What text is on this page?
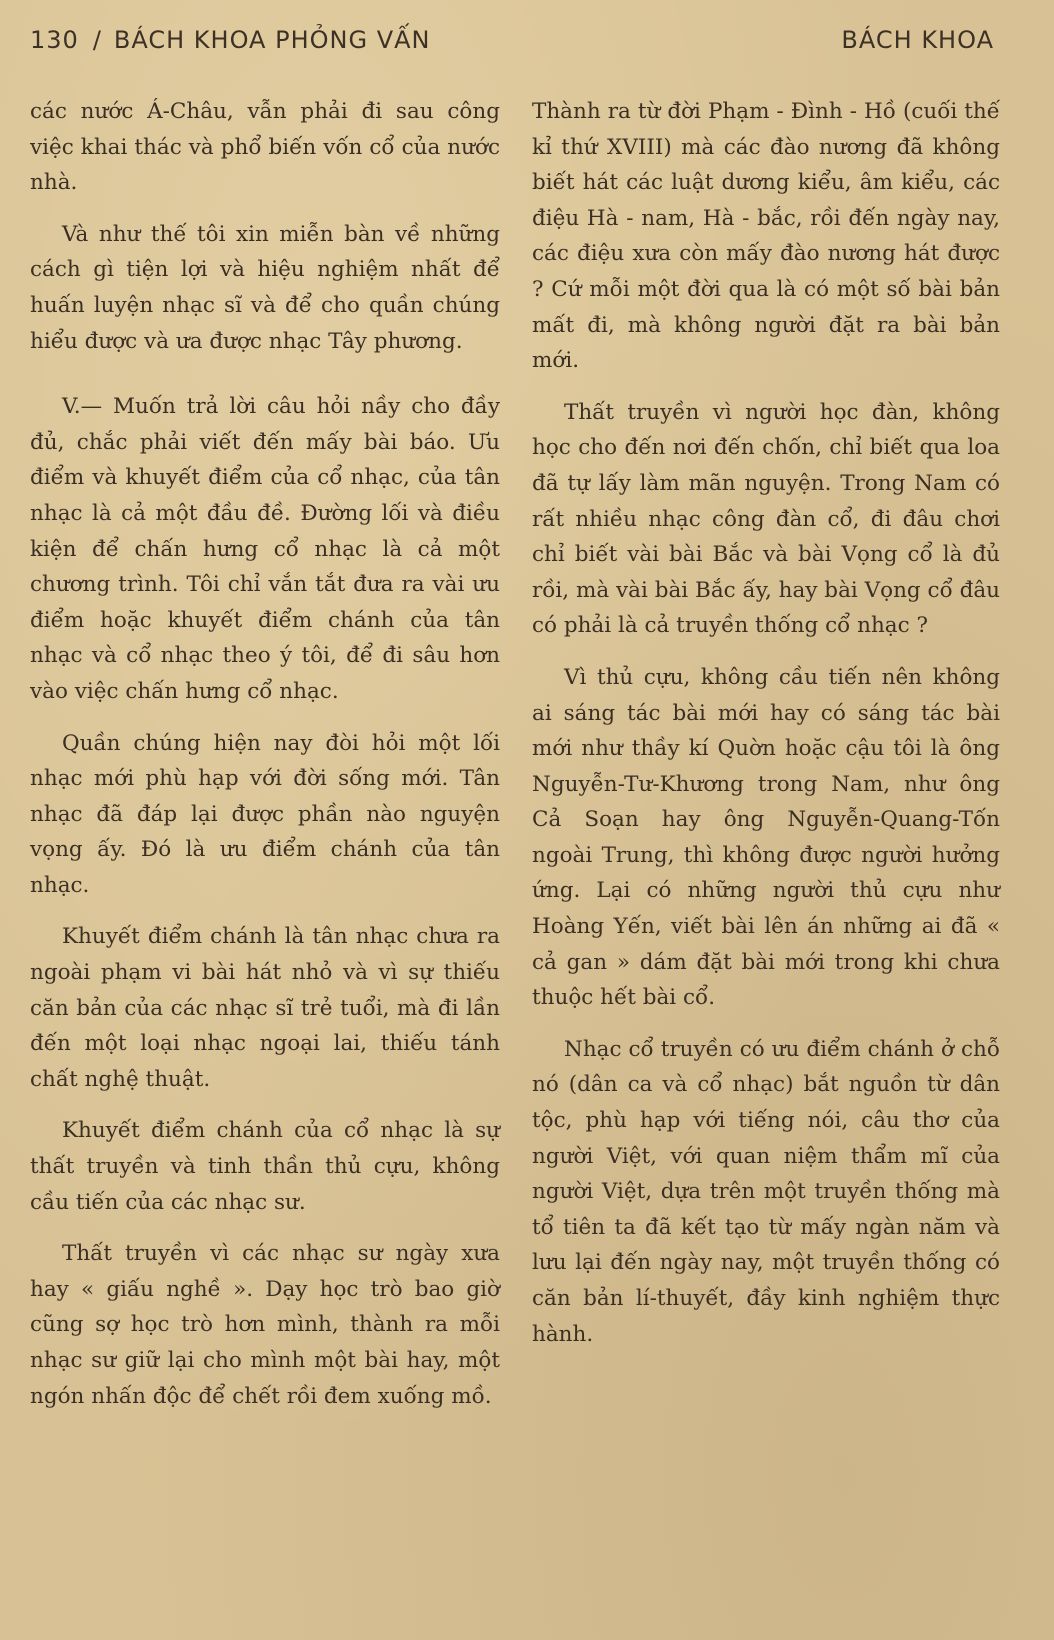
130 / BÁCH KHOA PHỎNG VẤN	BÁCH KHOA

các nước Á-Châu, vẫn phải đi sau công việc khai thác và phổ biến vốn cổ của nước nhà.

Và như thế tôi xin miễn bàn về những cách gì tiện lợi và hiệu nghiệm nhất để huấn luyện nhạc sĩ và để cho quần chúng hiểu được và ưa được nhạc Tây phương.

V.— Muốn trả lời câu hỏi nầy cho đầy đủ, chắc phải viết đến mấy bài báo. Ưu điểm và khuyết điểm của cổ nhạc, của tân nhạc là cả một đầu đề. Đường lối và điều kiện để chấn hưng cổ nhạc là cả một chương trình. Tôi chỉ vắn tắt đưa ra vài ưu điểm hoặc khuyết điểm chánh của tân nhạc và cổ nhạc theo ý tôi, để đi sâu hơn vào việc chấn hưng cổ nhạc.

Quần chúng hiện nay đòi hỏi một lối nhạc mới phù hạp với đời sống mới. Tân nhạc đã đáp lại được phần nào nguyện vọng ấy. Đó là ưu điểm chánh của tân nhạc.

Khuyết điểm chánh là tân nhạc chưa ra ngoài phạm vi bài hát nhỏ và vì sự thiếu căn bản của các nhạc sĩ trẻ tuổi, mà đi lần đến một loại nhạc ngoại lai, thiếu tánh chất nghệ thuật.

Khuyết điểm chánh của cổ nhạc là sự thất truyền và tinh thần thủ cựu, không cầu tiến của các nhạc sư.

Thất truyền vì các nhạc sư ngày xưa hay « giấu nghề ». Dạy học trò bao giờ cũng sợ học trò hơn mình, thành ra mỗi nhạc sư giữ lại cho mình một bài hay, một ngón nhấn độc để chết rồi đem xuống mồ.

Thành ra từ đời Phạm - Đình - Hồ (cuối thế kỉ thứ XVIII) mà các đào nương đã không biết hát các luật dương kiểu, âm kiểu, các điệu Hà - nam, Hà - bắc, rồi đến ngày nay, các điệu xưa còn mấy đào nương hát được ? Cứ mỗi một đời qua là có một số bài bản mất đi, mà không người đặt ra bài bản mới.

Thất truyền vì người học đàn, không học cho đến nơi đến chốn, chỉ biết qua loa đã tự lấy làm mãn nguyện. Trong Nam có rất nhiều nhạc công đàn cổ, đi đâu chơi chỉ biết vài bài Bắc và bài Vọng cổ là đủ rồi, mà vài bài Bắc ấy, hay bài Vọng cổ đâu có phải là cả truyền thống cổ nhạc ?

Vì thủ cựu, không cầu tiến nên không ai sáng tác bài mới hay có sáng tác bài mới như thầy kí Quờn hoặc cậu tôi là ông Nguyễn-Tư-Khương trong Nam, như ông Cả Soạn hay ông Nguyễn-Quang-Tốn ngoài Trung, thì không được người hưởng ứng. Lại có những người thủ cựu như Hoàng Yến, viết bài lên án những ai đã « cả gan » dám đặt bài mới trong khi chưa thuộc hết bài cổ.

Nhạc cổ truyền có ưu điểm chánh ở chỗ nó (dân ca và cổ nhạc) bắt nguồn từ dân tộc, phù hạp với tiếng nói, câu thơ của người Việt, với quan niệm thẩm mĩ của người Việt, dựa trên một truyền thống mà tổ tiên ta đã kết tạo từ mấy ngàn năm và lưu lại đến ngày nay, một truyền thống có căn bản lí-thuyết, đầy kinh nghiệm thực hành.
